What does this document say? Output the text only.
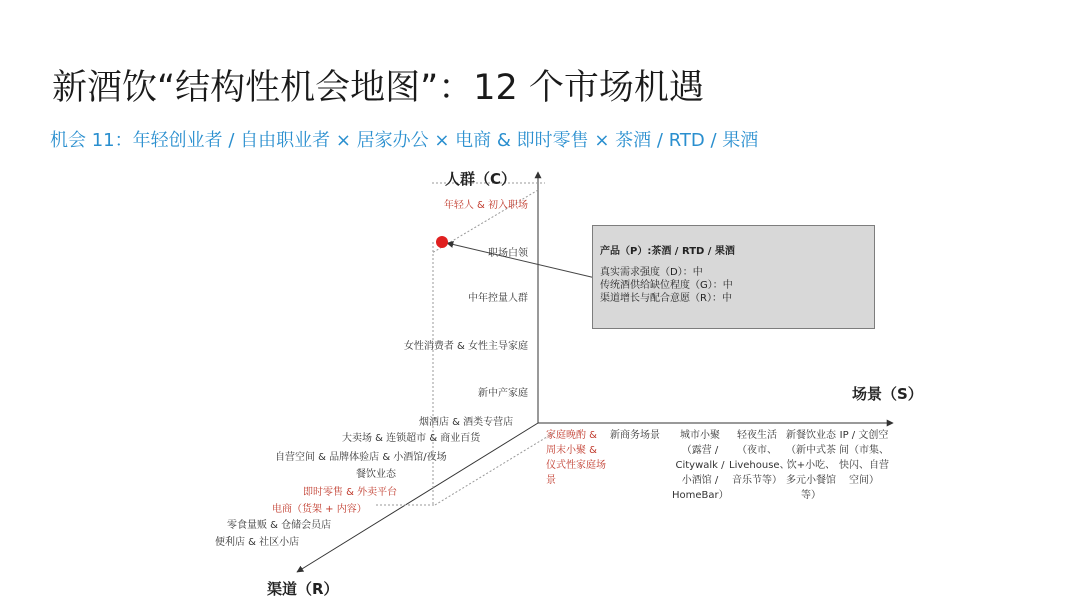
新酒饮“结构性机会地图”：12 个市场机遇
机会 11：年轻创业者 / 自由职业者 × 居家办公 × 电商 & 即时零售 × 茶酒 / RTD / 果酒
人群（C）
场景（S）
渠道（R）
年轻人 & 初入职场
职场白领
中年控量人群
女性消费者 & 女性主导家庭
新中产家庭
烟酒店 & 酒类专营店
大卖场 & 连锁超市 & 商业百货
自营空间 & 品牌体验店 & 小酒馆/夜场
餐饮业态
即时零售 & 外卖平台
电商（货架 + 内容）
零食量贩 & 仓储会员店
便利店 & 社区小店
家庭晚酌 & 周末小聚 & 仪式性家庭场景
新商务场景	城市小聚（露营 / Citywalk / 小酒馆 / HomeBar）
轻夜生活（夜市、Livehouse、音乐节等）
新餐饮业态（新中式茶饮+小吃、多元小餐馆等）
IP / 文创空间（市集、快闪、自营空间）
产品（P）:茶酒 / RTD / 果酒
真实需求强度（D）：中
传统酒供给缺位程度（G）：中
渠道增长与配合意愿（R）：中
